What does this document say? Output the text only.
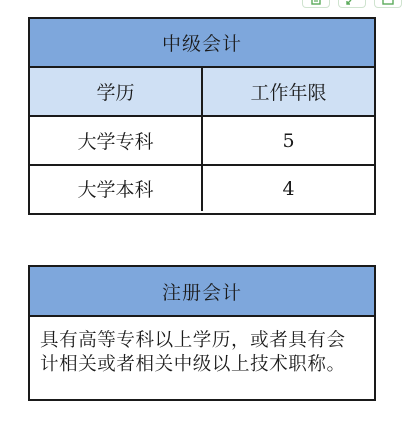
中级会计
学历	工作年限
大学专科	5
大学本科	4
注册会计
具有高等专科以上学历，或者具有会
计相关或者相关中级以上技术职称。
